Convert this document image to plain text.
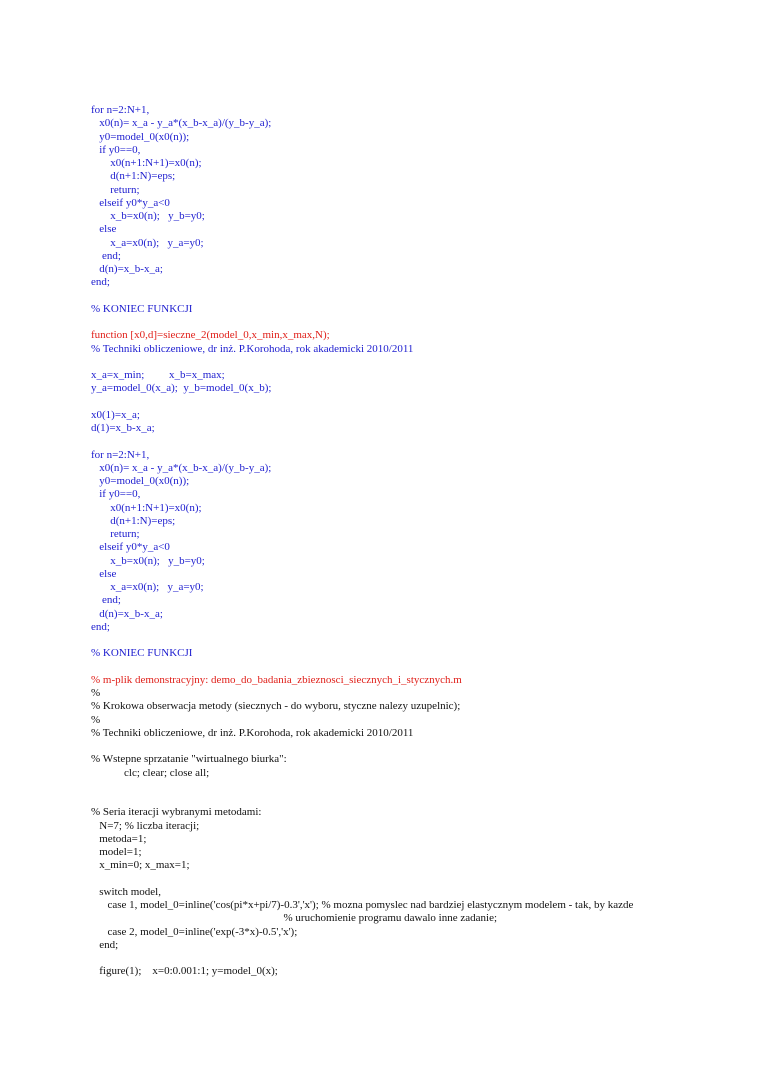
for n=2:N+1,
x0(n)= x_a - y_a*(x_b-x_a)/(y_b-y_a);
y0=model_0(x0(n));
if y0==0,
x0(n+1:N+1)=x0(n);
d(n+1:N)=eps;
return;
elseif y0*y_a<0
x_b=x0(n);   y_b=y0;
else
x_a=x0(n);   y_a=y0;
end;
d(n)=x_b-x_a;
end;
% KONIEC FUNKCJI
function [x0,d]=sieczne_2(model_0,x_min,x_max,N);
% Techniki obliczeniowe, dr inż. P.Korohoda, rok akademicki 2010/2011
x_a=x_min;         x_b=x_max;
y_a=model_0(x_a);  y_b=model_0(x_b);
x0(1)=x_a;
d(1)=x_b-x_a;
for n=2:N+1,
x0(n)= x_a - y_a*(x_b-x_a)/(y_b-y_a);
y0=model_0(x0(n));
if y0==0,
x0(n+1:N+1)=x0(n);
d(n+1:N)=eps;
return;
elseif y0*y_a<0
x_b=x0(n);   y_b=y0;
else
x_a=x0(n);   y_a=y0;
end;
d(n)=x_b-x_a;
end;
% KONIEC FUNKCJI
% m-plik demonstracyjny: demo_do_badania_zbieznosci_siecznych_i_stycznych.m
%
% Krokowa obserwacja metody (siecznych - do wyboru, styczne nalezy uzupelnic);
%
% Techniki obliczeniowe, dr inż. P.Korohoda, rok akademicki 2010/2011
% Wstepne sprzatanie "wirtualnego biurka":
clc; clear; close all;
% Seria iteracji wybranymi metodami:
N=7; % liczba iteracji;
metoda=1;
model=1;
x_min=0; x_max=1;
switch model,
case 1, model_0=inline('cos(pi*x+pi/7)-0.3','x'); % mozna pomyslec nad bardziej elastycznym modelem - tak, by kazde
% uruchomienie programu dawalo inne zadanie;
case 2, model_0=inline('exp(-3*x)-0.5','x');
end;
figure(1);    x=0:0.001:1; y=model_0(x);
